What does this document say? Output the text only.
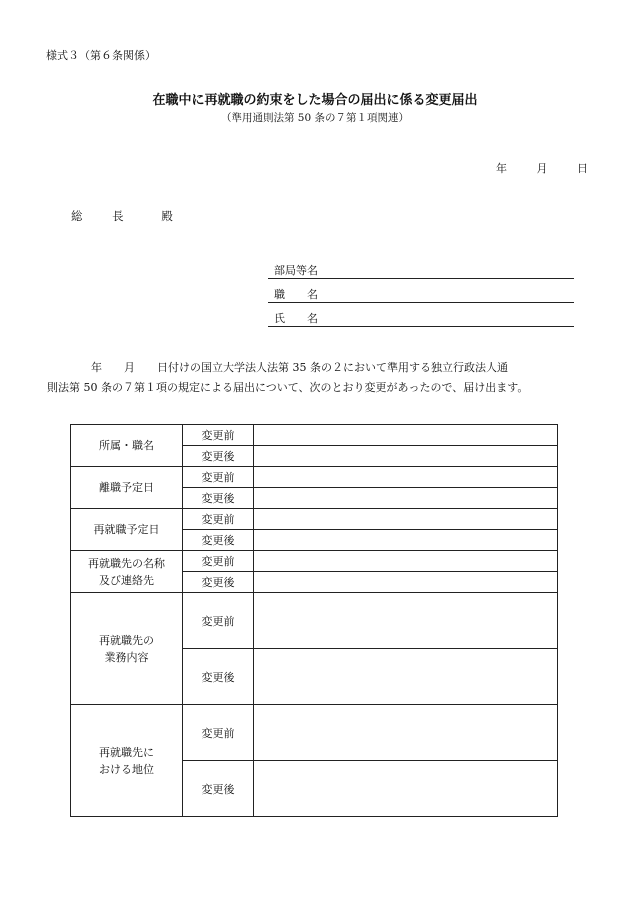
様式３（第６条関係）
在職中に再就職の約束をした場合の届出に係る変更届出
（準用通則法第 50 条の７第１項関連）
年	月	日
総	長	殿
部局等名
職　　名
氏　　名

　　　　年　　月　　日付けの国立大学法人法第 35 条の２において準用する独立行政法人通

則法第 50 条の７第１項の規定による届出について、次のとおり変更があったので、届け出ます。

所属・職名	変更前	
	変更後	
離職予定日	変更前	
	変更後	
再就職予定日	変更前	
	変更後	

再就職先の名称
及び連絡先	変更前	
	変更後	

再就職先の
業務内容	変更前	
	変更後	

再就職先に
おける地位	変更前	
	変更後	
